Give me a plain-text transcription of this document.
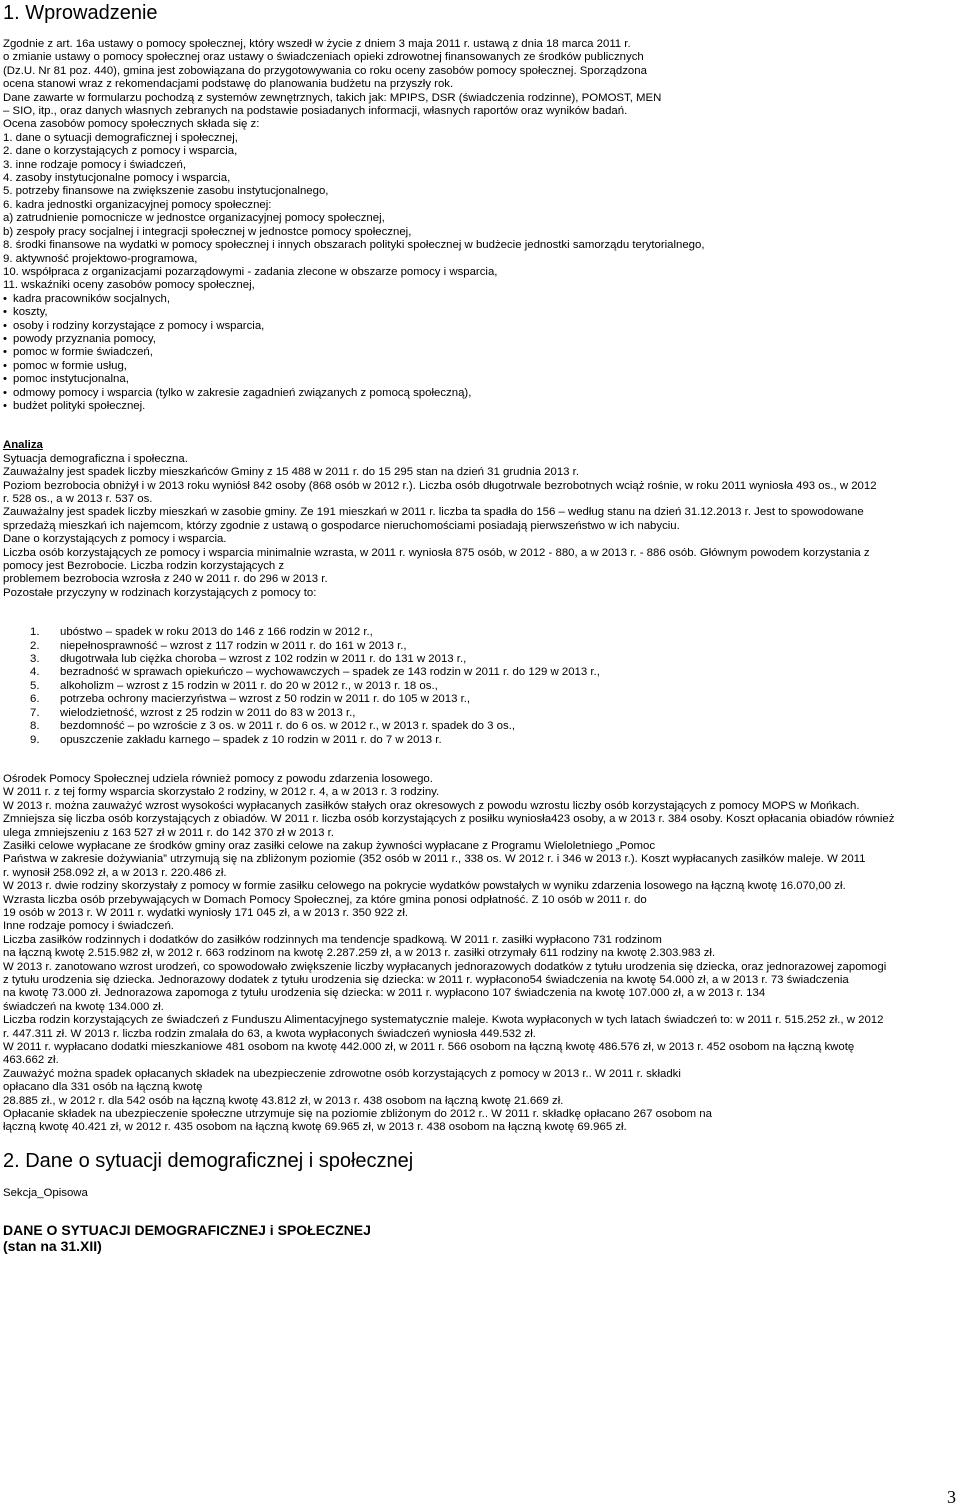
1. Wprowadzenie

Zgodnie z art. 16a ustawy o pomocy społecznej, który wszedł w życie z dniem 3 maja 2011 r. ustawą z dnia 18 marca 2011 r.

o zmianie ustawy o pomocy społecznej oraz ustawy o świadczeniach opieki zdrowotnej finansowanych ze środków publicznych

(Dz.U. Nr 81 poz. 440), gmina jest zobowiązana do przygotowywania co roku oceny zasobów pomocy społecznej. Sporządzona

ocena stanowi wraz z rekomendacjami podstawę do planowania budżetu na przyszły rok.

Dane zawarte w formularzu pochodzą z systemów zewnętrznych, takich jak: MPIPS, DSR (świadczenia rodzinne), POMOST, MEN

– SIO, itp., oraz danych własnych zebranych na podstawie posiadanych informacji, własnych raportów oraz wyników badań.

Ocena zasobów pomocy społecznych składa się z:

1. dane o sytuacji demograficznej i społecznej,

2. dane o korzystających z pomocy i wsparcia,

3. inne rodzaje pomocy i świadczeń,

4. zasoby instytucjonalne pomocy i wsparcia,

5. potrzeby finansowe na zwiększenie zasobu instytucjonalnego,

6. kadra jednostki organizacyjnej pomocy społecznej:

a) zatrudnienie pomocnicze w jednostce organizacyjnej pomocy społecznej,

b) zespoły pracy socjalnej i integracji społecznej w jednostce pomocy społecznej,

8. środki finansowe na wydatki w pomocy społecznej i innych obszarach polityki społecznej w budżecie jednostki samorządu terytorialnego,

9. aktywność projektowo-programowa,

10. współpraca z organizacjami pozarządowymi - zadania zlecone w obszarze pomocy i wsparcia,

11. wskaźniki oceny zasobów pomocy społecznej,

• kadra pracowników socjalnych,
• koszty,
• osoby i rodziny korzystające z pomocy i wsparcia,
• powody przyznania pomocy,
• pomoc w formie świadczeń,
• pomoc w formie usług,
• pomoc instytucjonalna,
• odmowy pomocy i wsparcia (tylko w zakresie zagadnień związanych z pomocą społeczną),
• budżet polityki społecznej.

Analiza

Sytuacja demograficzna i społeczna.

Zauważalny jest spadek liczby mieszkańców Gminy z 15 488 w 2011 r. do 15 295 stan na dzień 31 grudnia 2013 r.

Poziom bezrobocia obniżył i w 2013 roku wyniósł 842 osoby (868 osób w 2012 r.). Liczba osób długotrwale bezrobotnych wciąż rośnie, w roku 2011 wyniosła 493 os., w 2012

r. 528 os., a w 2013 r. 537 os.

Zauważalny jest spadek liczby mieszkań w zasobie gminy. Ze 191 mieszkań w 2011 r. liczba ta spadła do 156 – według stanu na dzień 31.12.2013 r. Jest to spowodowane

sprzedażą mieszkań ich najemcom, którzy zgodnie z ustawą o gospodarce nieruchomościami posiadają pierwszeństwo w ich nabyciu.

Dane o korzystających z pomocy i wsparcia.

Liczba osób korzystających ze pomocy i wsparcia minimalnie wzrasta, w 2011 r. wyniosła 875 osób, w 2012 - 880, a w 2013 r. - 886 osób. Głównym powodem korzystania z

pomocy jest Bezrobocie. Liczba rodzin korzystających z

problemem bezrobocia wzrosła z 240 w 2011 r. do 296 w 2013 r.

Pozostałe przyczyny w rodzinach korzystających z pomocy to:

1.	ubóstwo – spadek w roku 2013 do 146 z 166 rodzin w 2012 r.,
2.	niepełnosprawność – wzrost z 117 rodzin w 2011 r. do 161 w 2013 r.,
3.	długotrwała lub ciężka choroba – wzrost z 102 rodzin w 2011 r. do 131 w 2013 r.,
4.	bezradność w sprawach opiekuńczo – wychowawczych – spadek ze 143 rodzin w 2011 r. do 129 w 2013 r.,
5.	alkoholizm – wzrost z 15 rodzin w 2011 r. do 20 w 2012 r., w 2013 r. 18 os.,
6.	potrzeba ochrony macierzyństwa – wzrost z 50 rodzin w 2011 r. do 105 w 2013 r.,
7.	wielodzietność, wzrost z 25 rodzin w 2011 do 83 w 2013 r.,
8.	bezdomność – po wzroście z 3 os. w 2011 r. do 6 os. w 2012 r., w 2013 r. spadek do 3 os.,
9.	opuszczenie zakładu karnego – spadek z 10 rodzin w 2011 r. do 7 w 2013 r.

Ośrodek Pomocy Społecznej udziela również pomocy z powodu zdarzenia losowego.

W 2011 r. z tej formy wsparcia skorzystało 2 rodziny, w 2012 r. 4, a w 2013 r. 3 rodziny.

W 2013 r. można zauważyć wzrost wysokości wypłacanych zasiłków stałych oraz okresowych z powodu wzrostu liczby osób korzystających z pomocy MOPS w Mońkach.

Zmniejsza się liczba osób korzystających z obiadów. W 2011 r. liczba osób korzystających z posiłku wyniosła423 osoby, a w 2013 r. 384 osoby. Koszt opłacania obiadów również

ulega zmniejszeniu z 163 527 zł w 2011 r. do 142 370 zł w 2013 r.

Zasiłki celowe wypłacane ze środków gminy oraz zasiłki celowe na zakup żywności wypłacane z Programu Wieloletniego „Pomoc

Państwa w zakresie dożywiania” utrzymują się na zbliżonym poziomie (352 osób w 2011 r., 338 os. W 2012 r. i 346 w 2013 r.). Koszt wypłacanych zasiłków maleje. W 2011

r. wynosił 258.092 zł, a w 2013 r. 220.486 zł.

W 2013 r. dwie rodziny skorzystały z pomocy w formie zasiłku celowego na pokrycie wydatków powstałych w wyniku zdarzenia losowego na łączną kwotę 16.070,00 zł.

Wzrasta liczba osób przebywających w Domach Pomocy Społecznej, za które gmina ponosi odpłatność. Z 10 osób w 2011 r. do

19 osób w 2013 r. W 2011 r. wydatki wyniosły 171 045 zł, a w 2013 r. 350 922 zł.

Inne rodzaje pomocy i świadczeń.

Liczba zasiłków rodzinnych i dodatków do zasiłków rodzinnych ma tendencje spadkową. W 2011 r. zasiłki wypłacono 731 rodzinom

na łączną kwotę 2.515.982 zł, w 2012 r. 663 rodzinom na kwotę 2.287.259 zł, a w 2013 r. zasiłki otrzymały 611 rodziny na kwotę 2.303.983 zł.

W 2013 r. zanotowano wzrost urodzeń, co spowodowało zwiększenie liczby wypłacanych jednorazowych dodatków z tytułu urodzenia się dziecka, oraz jednorazowej zapomogi

z tytułu urodzenia się dziecka. Jednorazowy dodatek z tytułu urodzenia się dziecka: w 2011 r. wypłacono54 świadczenia na kwotę 54.000 zł, a w 2013 r. 73 świadczenia

na kwotę 73.000 zł. Jednorazowa zapomoga z tytułu urodzenia się dziecka: w 2011 r. wypłacono 107 świadczenia na kwotę 107.000 zł, a w 2013 r. 134

świadczeń na kwotę 134.000 zł.

Liczba rodzin korzystających ze świadczeń z Funduszu Alimentacyjnego systematycznie maleje. Kwota wypłaconych w tych latach świadczeń to: w 2011 r. 515.252 zł., w 2012

r. 447.311 zł. W 2013 r. liczba rodzin zmalała do 63, a kwota wypłaconych świadczeń wyniosła 449.532 zł.

W 2011 r. wypłacano dodatki mieszkaniowe 481 osobom na kwotę 442.000 zł, w 2011 r. 566 osobom na łączną kwotę 486.576 zł, w 2013 r. 452 osobom na łączną kwotę

463.662 zł.

Zauważyć można spadek opłacanych składek na ubezpieczenie zdrowotne osób korzystających z pomocy w 2013 r.. W 2011 r. składki

opłacano dla 331 osób na łączną kwotę

28.885 zł., w 2012 r. dla 542 osób na łączną kwotę 43.812 zł, w 2013 r. 438 osobom na łączną kwotę 21.669 zł.

Opłacanie składek na ubezpieczenie społeczne utrzymuje się na poziomie zbliżonym do 2012 r.. W 2011 r. składkę opłacano 267 osobom na

łączną kwotę 40.421 zł, w 2012 r. 435 osobom na łączną kwotę 69.965 zł, w 2013 r. 438 osobom na łączną kwotę 69.965 zł.

2. Dane o sytuacji demograficznej i społecznej
Sekcja_Opisowa
DANE O SYTUACJI DEMOGRAFICZNEJ i SPOŁECZNEJ
(stan na 31.XII)
3
